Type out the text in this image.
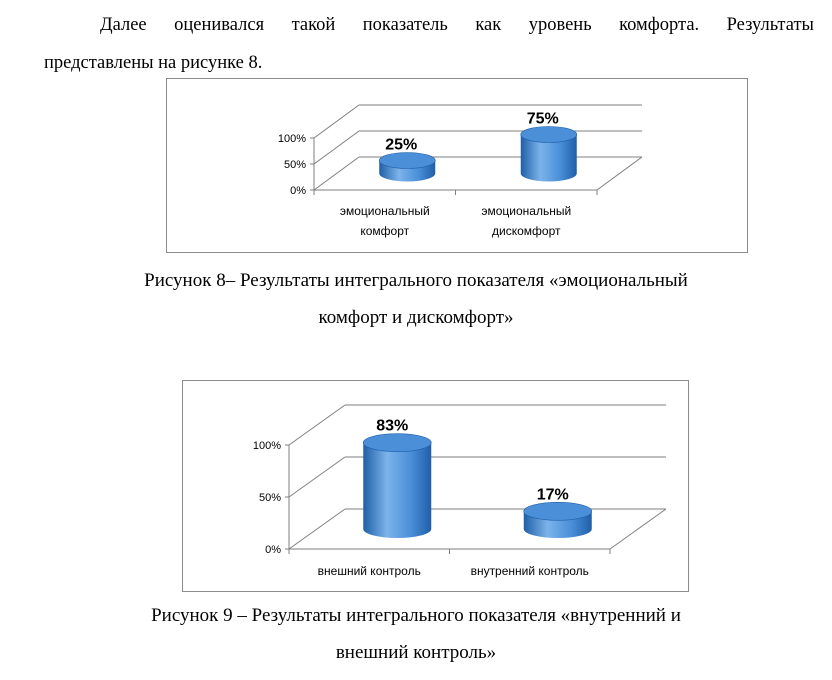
Далее оценивался такой показатель как уровень комфорта. Результаты
представлены на рисунке 8.

0%
50%
100%	25%
эмоциональный
комфорт
75%
эмоциональный
дискомфорт

Рисунок 8– Результаты интегрального показателя «эмоциональный

комфорт и дискомфорт»

0%
50%
100%
83%
внешний контроль
17%
внутренний контроль

Рисунок 9 – Результаты интегрального показателя «внутренний и

внешний контроль»
